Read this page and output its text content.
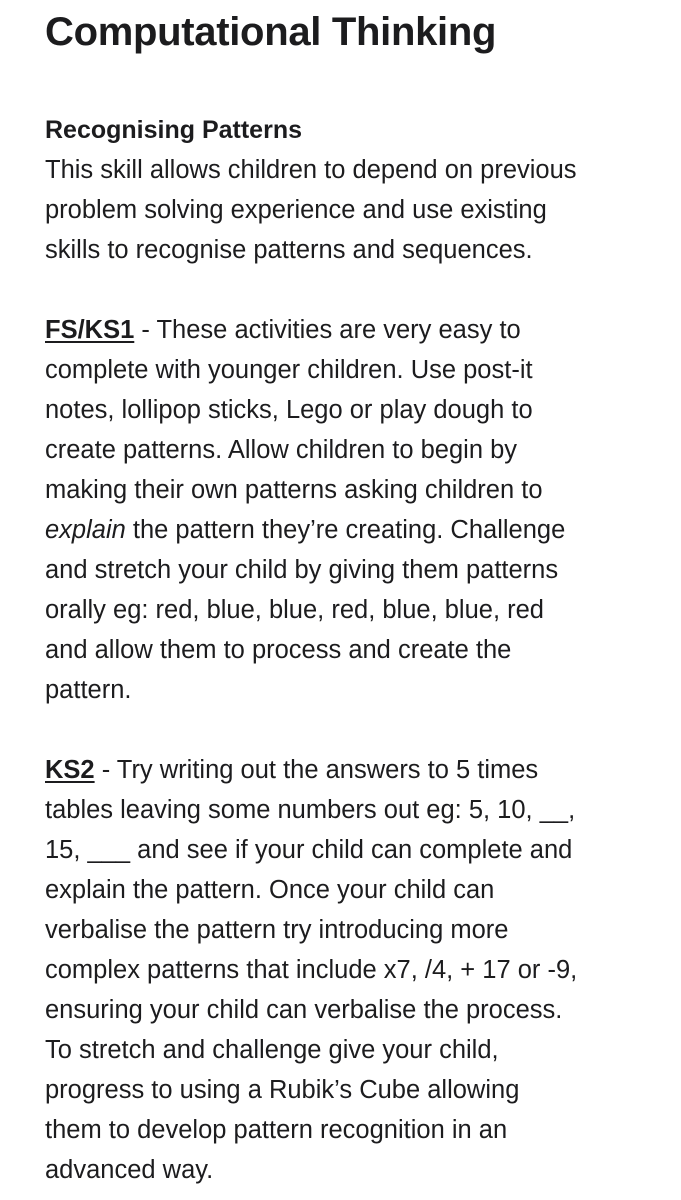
Computational Thinking
Recognising Patterns

This skill allows children to depend on previous
problem solving experience and use existing
skills to recognise patterns and sequences.

FS/KS1 - These activities are very easy to
complete with younger children. Use post-it
notes, lollipop sticks, Lego or play dough to
create patterns. Allow children to begin by
making their own patterns asking children to
explain the pattern they’re creating. Challenge
and stretch your child by giving them patterns
orally eg: red, blue, blue, red, blue, blue, red
and allow them to process and create the
pattern.

KS2 - Try writing out the answers to 5 times
tables leaving some numbers out eg: 5, 10, __,
15, ___ and see if your child can complete and
explain the pattern. Once your child can
verbalise the pattern try introducing more
complex patterns that include x7, /4, + 17 or -9,
ensuring your child can verbalise the process.
To stretch and challenge give your child,
progress to using a Rubik’s Cube allowing
them to develop pattern recognition in an
advanced way.
